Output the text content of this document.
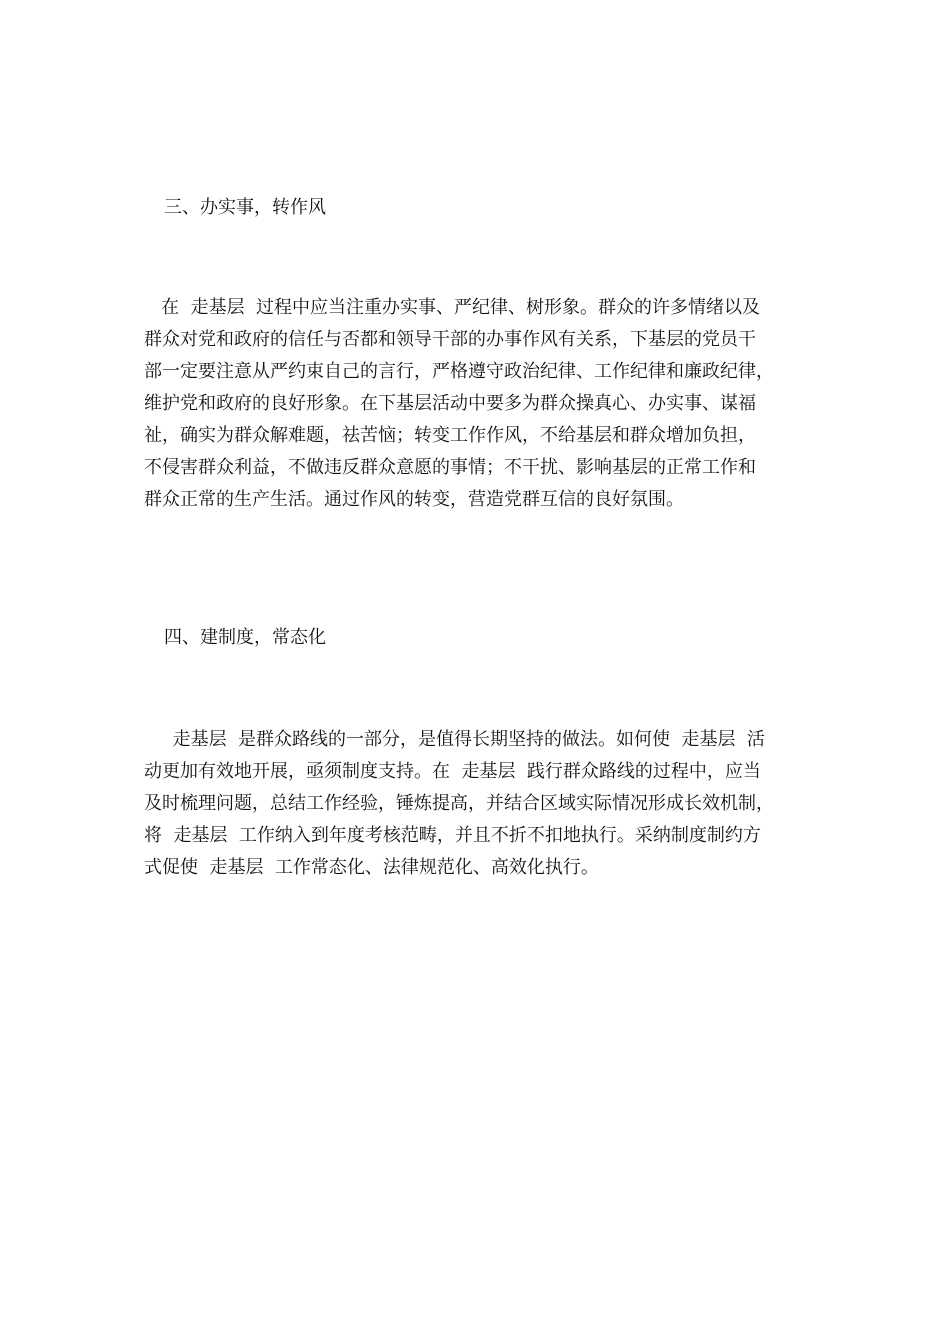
三、办实事，转作风
在  走基层  过程中应当注重办实事、严纪律、树形象。群众的许多情绪以及
群众对党和政府的信任与否都和领导干部的办事作风有关系，下基层的党员干
部一定要注意从严约束自己的言行，严格遵守政治纪律、工作纪律和廉政纪律，
维护党和政府的良好形象。在下基层活动中要多为群众操真心、办实事、谋福
祉，确实为群众解难题，祛苦恼；转变工作作风，不给基层和群众增加负担，
不侵害群众利益，不做违反群众意愿的事情；不干扰、影响基层的正常工作和
群众正常的生产生活。通过作风的转变，营造党群互信的良好氛围。
四、建制度，常态化
走基层  是群众路线的一部分，是值得长期坚持的做法。如何使  走基层  活
动更加有效地开展，亟须制度支持。在  走基层  践行群众路线的过程中，应当
及时梳理问题，总结工作经验，锤炼提高，并结合区域实际情况形成长效机制，
将  走基层  工作纳入到年度考核范畴，并且不折不扣地执行。采纳制度制约方
式促使  走基层  工作常态化、法律规范化、高效化执行。
